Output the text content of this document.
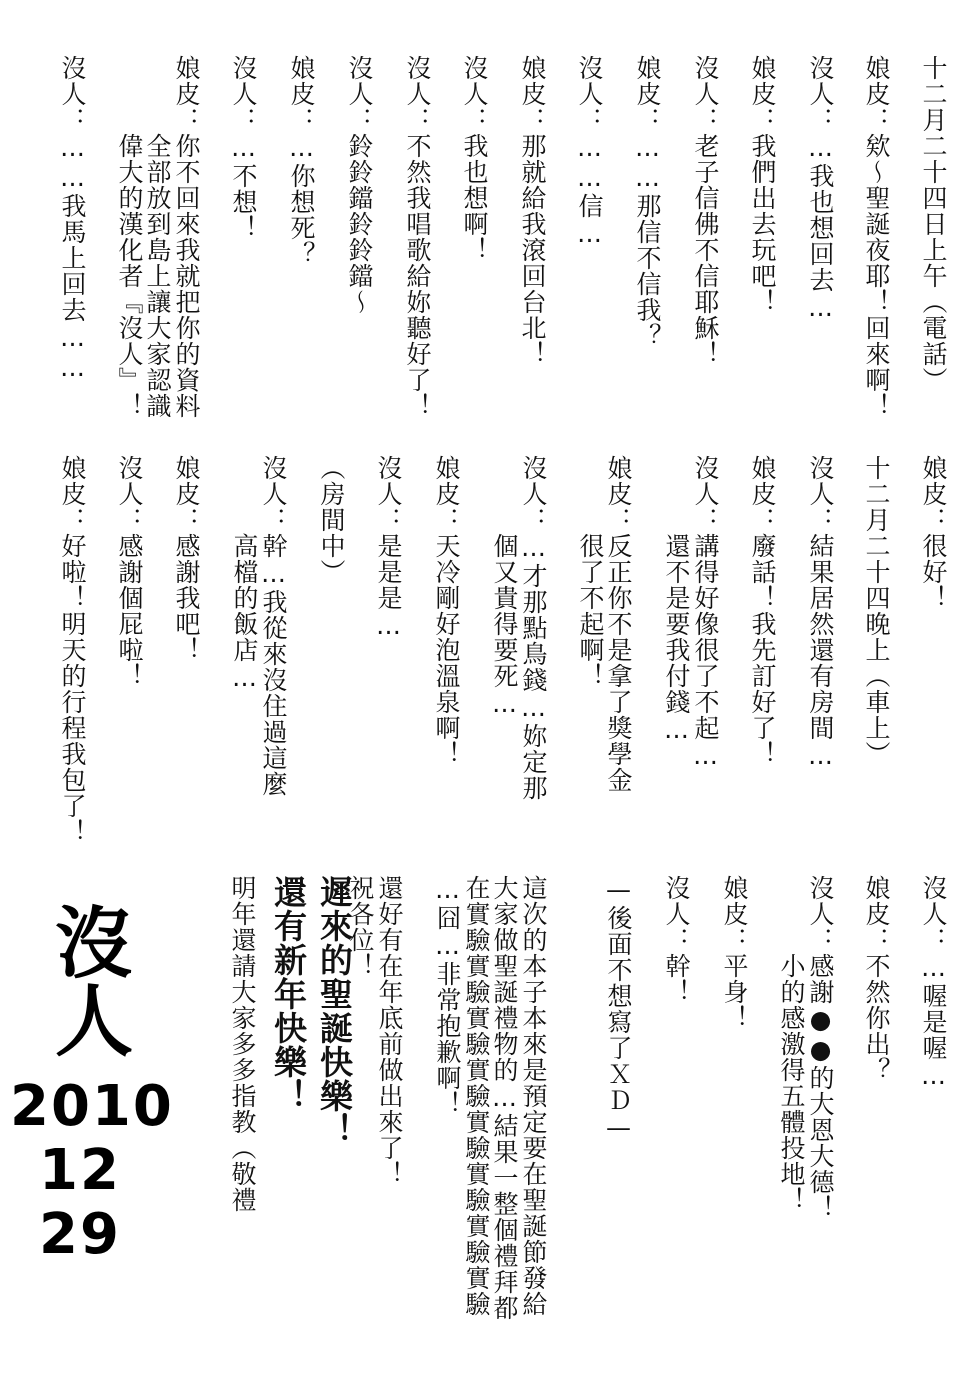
十二月二十四日上午（電話）
娘皮：欸～聖誕夜耶！回來啊！
沒人：…我也想回去…
娘皮：我們出去玩吧！
沒人：老子信佛不信耶穌！
娘皮：……那信不信我？
沒人：……信…
娘皮：那就給我滾回台北！
沒人：我也想啊！
沒人：不然我唱歌給妳聽好了！
沒人：鈴鈴鐺鈴鈴鐺～
娘皮：…你想死？
沒人：…不想！
娘皮：你不回來我就把你的資料
　　　全部放到島上讓大家認識
　　　偉大的漢化者『沒人』！
沒人：……我馬上回去……
娘皮：很好！
十二月二十四晚上（車上）
沒人：結果居然還有房間…
娘皮：廢話！我先訂好了！
沒人：講得好像很了不起…
　　　還不是要我付錢…
娘皮：反正你不是拿了獎學金
　　　很了不起啊！
沒人：…才那點鳥錢…妳定那
　　　個又貴得要死…
娘皮：天冷剛好泡溫泉啊！
沒人：是是是…
（房間中）
沒人：幹…我從來沒住過這麼
　　　高檔的飯店…
娘皮：感謝我吧！
沒人：感謝個屁啦！
娘皮：好啦！明天的行程我包了！
沒人：…喔是喔…
娘皮：不然你出？
沒人：感謝●●的大恩大德！
　　　小的感激得五體投地！
娘皮：平身！
沒人：幹！
—後面不想寫了ＸＤ—
這次的本子本來是預定要在聖誕節發給
大家做聖誕禮物的…結果一整個禮拜都
在實驗實驗實驗實驗實驗實驗實驗實驗
…囧…非常抱歉啊！
還好有在年底前做出來了！
祝各位！
遲來的聖誕快樂！
還有新年快樂！
明年還請大家多多指教（敬禮
沒人
2010
12
29
